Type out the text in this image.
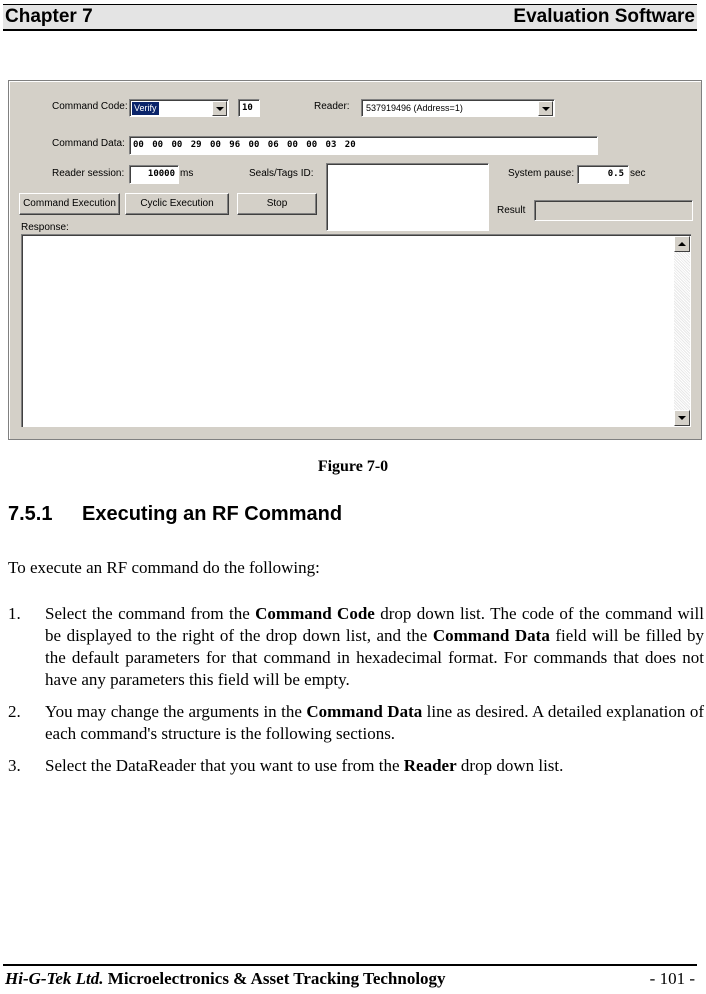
Chapter 7	Evaluation Software
Command Code: Verify	10	Reader: 537919496 (Address=1)
Command Data: 00 00 00 29 00 96 00 06 00 00 03 20
Reader session:	10000 ms	Seals/Tags ID:	System pause:	0.5 sec
Result
Command Execution	Cyclic Execution	Stop
Response:
Figure 7-0
7.5.1 Executing an RF Command
To execute an RF command do the following:
1. Select the command from the Command Code drop down list. The code of the command will be displayed to the right of the drop down list, and the Command Data field will be filled by the default parameters for that command in hexadecimal format. For commands that does not have any parameters this field will be empty.
2. You may change the arguments in the Command Data line as desired. A detailed explanation of each command's structure is the following sections.
3. Select the DataReader that you want to use from the Reader drop down list.
Hi-G-Tek Ltd. Microelectronics & Asset Tracking Technology	- 101 -
